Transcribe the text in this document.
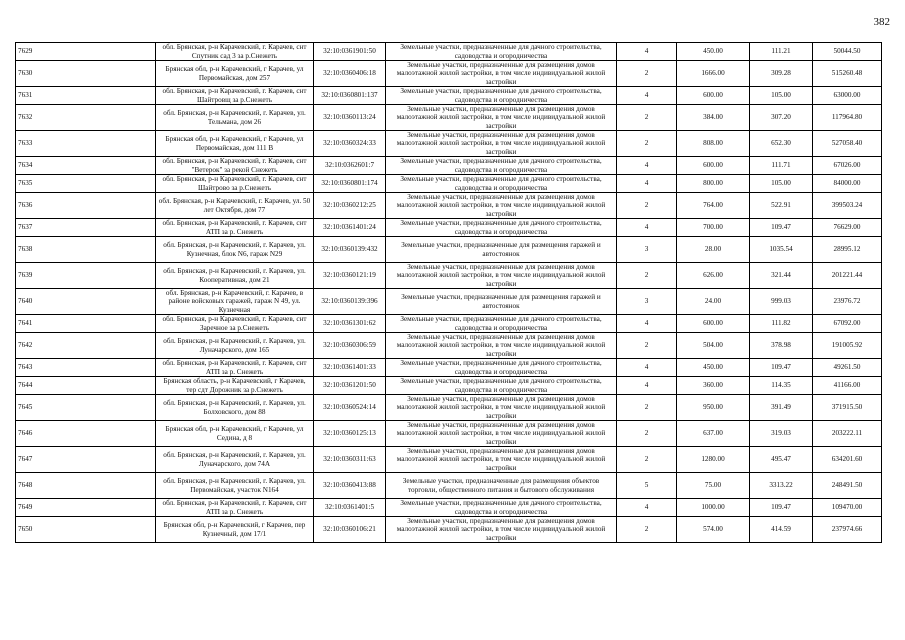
382
7629	обл. Брянская, р-н Карачевский, г. Карачев, снт Спутник сад 3 за р.Снежеть	32:10:0361901:50	Земельные участки, предназначенные для дачного строительства, садоводства и огородничества	4	450.00	111.21	50044.50
7630	Брянская обл, р-н Карачевский, г Карачев, ул Первомайская, дом 257	32:10:0360406:18	Земельные участки, предназначенные для размещения домов малоэтажной жилой застройки, в том числе индивидуальной жилой застройки	2	1666.00	309.28	515260.48
7631	обл. Брянская, р-н Карачевский, г. Карачев, снт Шайтровщ за р.Снежеть	32:10:0360801:137	Земельные участки, предназначенные для дачного строительства, садоводства и огородничества	4	600.00	105.00	63000.00
7632	обл. Брянская, р-н Карачевский, г. Карачев, ул. Тельмана, дом 26	32:10:0360113:24	Земельные участки, предназначенные для размещения домов малоэтажной жилой застройки, в том числе индивидуальной жилой застройки	2	384.00	307.20	117964.80
7633	Брянская обл, р-н Карачевский, г Карачев, ул Первомайская, дом 111 В	32:10:0360324:33	Земельные участки, предназначенные для размещения домов малоэтажной жилой застройки, в том числе индивидуальной жилой застройки	2	808.00	652.30	527058.40
7634	обл. Брянская, р-н Карачевский, г. Карачев, снт "Ветерок" за рекой Снежеть	32:10:0362601:7	Земельные участки, предназначенные для дачного строительства, садоводства и огородничества	4	600.00	111.71	67026.00
7635	обл. Брянская, р-н Карачевский, г. Карачев, снт Шайтрово за р.Снежеть	32:10:0360801:174	Земельные участки, предназначенные для дачного строительства, садоводства и огородничества	4	800.00	105.00	84000.00
7636	обл. Брянская, р-н Карачевский, г. Карачев, ул. 50 лет Октября, дом 77	32:10:0360212:25	Земельные участки, предназначенные для размещения домов малоэтажной жилой застройки, в том числе индивидуальной жилой застройки	2	764.00	522.91	399503.24
7637	обл. Брянская, р-н Карачевский, г. Карачев, снт АТП за р. Снежеть	32:10:0361401:24	Земельные участки, предназначенные для дачного строительства, садоводства и огородничества	4	700.00	109.47	76629.00
7638	обл. Брянская, р-н Карачевский, г. Карачев, ул. Кузнечная, блок N6, гараж N29	32:10:0360139:432	Земельные участки, предназначенные для размещения гаражей и автостоянок	3	28.00	1035.54	28995.12
7639	обл. Брянская, р-н Карачевский, г. Карачев, ул. Кооперативная, дом 21	32:10:0360121:19	Земельные участки, предназначенные для размещения домов малоэтажной жилой застройки, в том числе индивидуальной жилой застройки	2	626.00	321.44	201221.44
7640	обл. Брянская, р-н Карачевский, г. Карачев, в районе войсковых гаражей, гараж N 49, ул. Кузнечная	32:10:0360139:396	Земельные участки, предназначенные для размещения гаражей и автостоянок	3	24.00	999.03	23976.72
7641	обл. Брянская, р-н Карачевский, г. Карачев, снт Заречное за р.Снежеть	32:10:0361301:62	Земельные участки, предназначенные для дачного строительства, садоводства и огородничества	4	600.00	111.82	67092.00
7642	обл. Брянская, р-н Карачевский, г. Карачев, ул. Луначарского, дом 165	32:10:0360306:59	Земельные участки, предназначенные для размещения домов малоэтажной жилой застройки, в том числе индивидуальной жилой застройки	2	504.00	378.98	191005.92
7643	обл. Брянская, р-н Карачевский, г. Карачев, снт АТП за р. Снежеть	32:10:0361401:33	Земельные участки, предназначенные для дачного строительства, садоводства и огородничества	4	450.00	109.47	49261.50
7644	Брянская область, р-н Карачевский, г Карачев, тер сдт Дорожник за р.Снежеть	32:10:0361201:50	Земельные участки, предназначенные для дачного строительства, садоводства и огородничества	4	360.00	114.35	41166.00
7645	обл. Брянская, р-н Карачевский, г. Карачев, ул. Болховского, дом 88	32:10:0360524:14	Земельные участки, предназначенные для размещения домов малоэтажной жилой застройки, в том числе индивидуальной жилой застройки	2	950.00	391.49	371915.50
7646	Брянская обл, р-н Карачевский, г Карачев, ул Седина, д 8	32:10:0360125:13	Земельные участки, предназначенные для размещения домов малоэтажной жилой застройки, в том числе индивидуальной жилой застройки	2	637.00	319.03	203222.11
7647	обл. Брянская, р-н Карачевский, г. Карачев, ул. Луначарского, дом 74А	32:10:0360311:63	Земельные участки, предназначенные для размещения домов малоэтажной жилой застройки, в том числе индивидуальной жилой застройки	2	1280.00	495.47	634201.60
7648	обл. Брянская, р-н Карачевский, г. Карачев, ул. Первомайская, участок N164	32:10:0360413:88	Земельные участки, предназначенные для размещения объектов торговли, общественного питания и бытового обслуживания	5	75.00	3313.22	248491.50
7649	обл. Брянская, р-н Карачевский, г. Карачев, снт АТП за р. Снежеть	32:10:0361401:5	Земельные участки, предназначенные для дачного строительства, садоводства и огородничества	4	1000.00	109.47	109470.00
7650	Брянская обл, р-н Карачевский, г Карачев, пер Кузнечный, дом 17/1	32:10:0360106:21	Земельные участки, предназначенные для размещения домов малоэтажной жилой застройки, в том числе индивидуальной жилой застройки	2	574.00	414.59	237974.66
